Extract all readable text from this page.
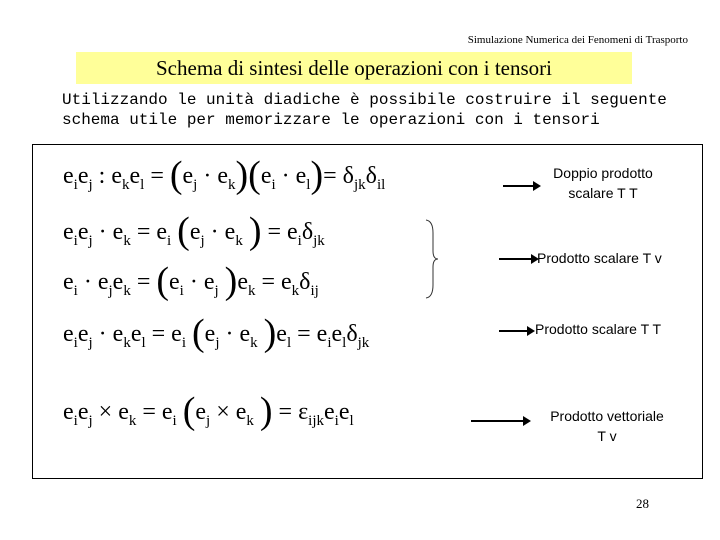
Simulazione Numerica dei Fenomeni di Trasporto
Schema di sintesi delle operazioni con i tensori
Utilizzando le unità diadiche è possibile costruire il seguente schema utile per memorizzare le operazioni con i tensori
$e_ie_j$ : $e_ke_l = (e_j \cdot e_k)(e_i \cdot e_l)= \delta_{jk}\delta_{il}$
$e_ie_j \cdot e_k = e_i$ ($e_j \cdot e_k$ ) = $e_i\delta_{jk}$
$e_i \cdot e_je_k = (e_i \cdot e_j$ )$e_k = e_k\delta_{ij}$
$e_ie_j \cdot e_ke_l = e_i$ ($e_j \cdot e_k$ )$e_l = e_ie_l\delta_{jk}$
$e_ie_j \times e_k = e_i$ ($e_j \times e_k$ ) = $\varepsilon_{ijk}e_ie_l$
Doppio prodotto
scalare T T
Prodotto scalare T v
Prodotto scalare T T
Prodotto vettoriale
T v
28
